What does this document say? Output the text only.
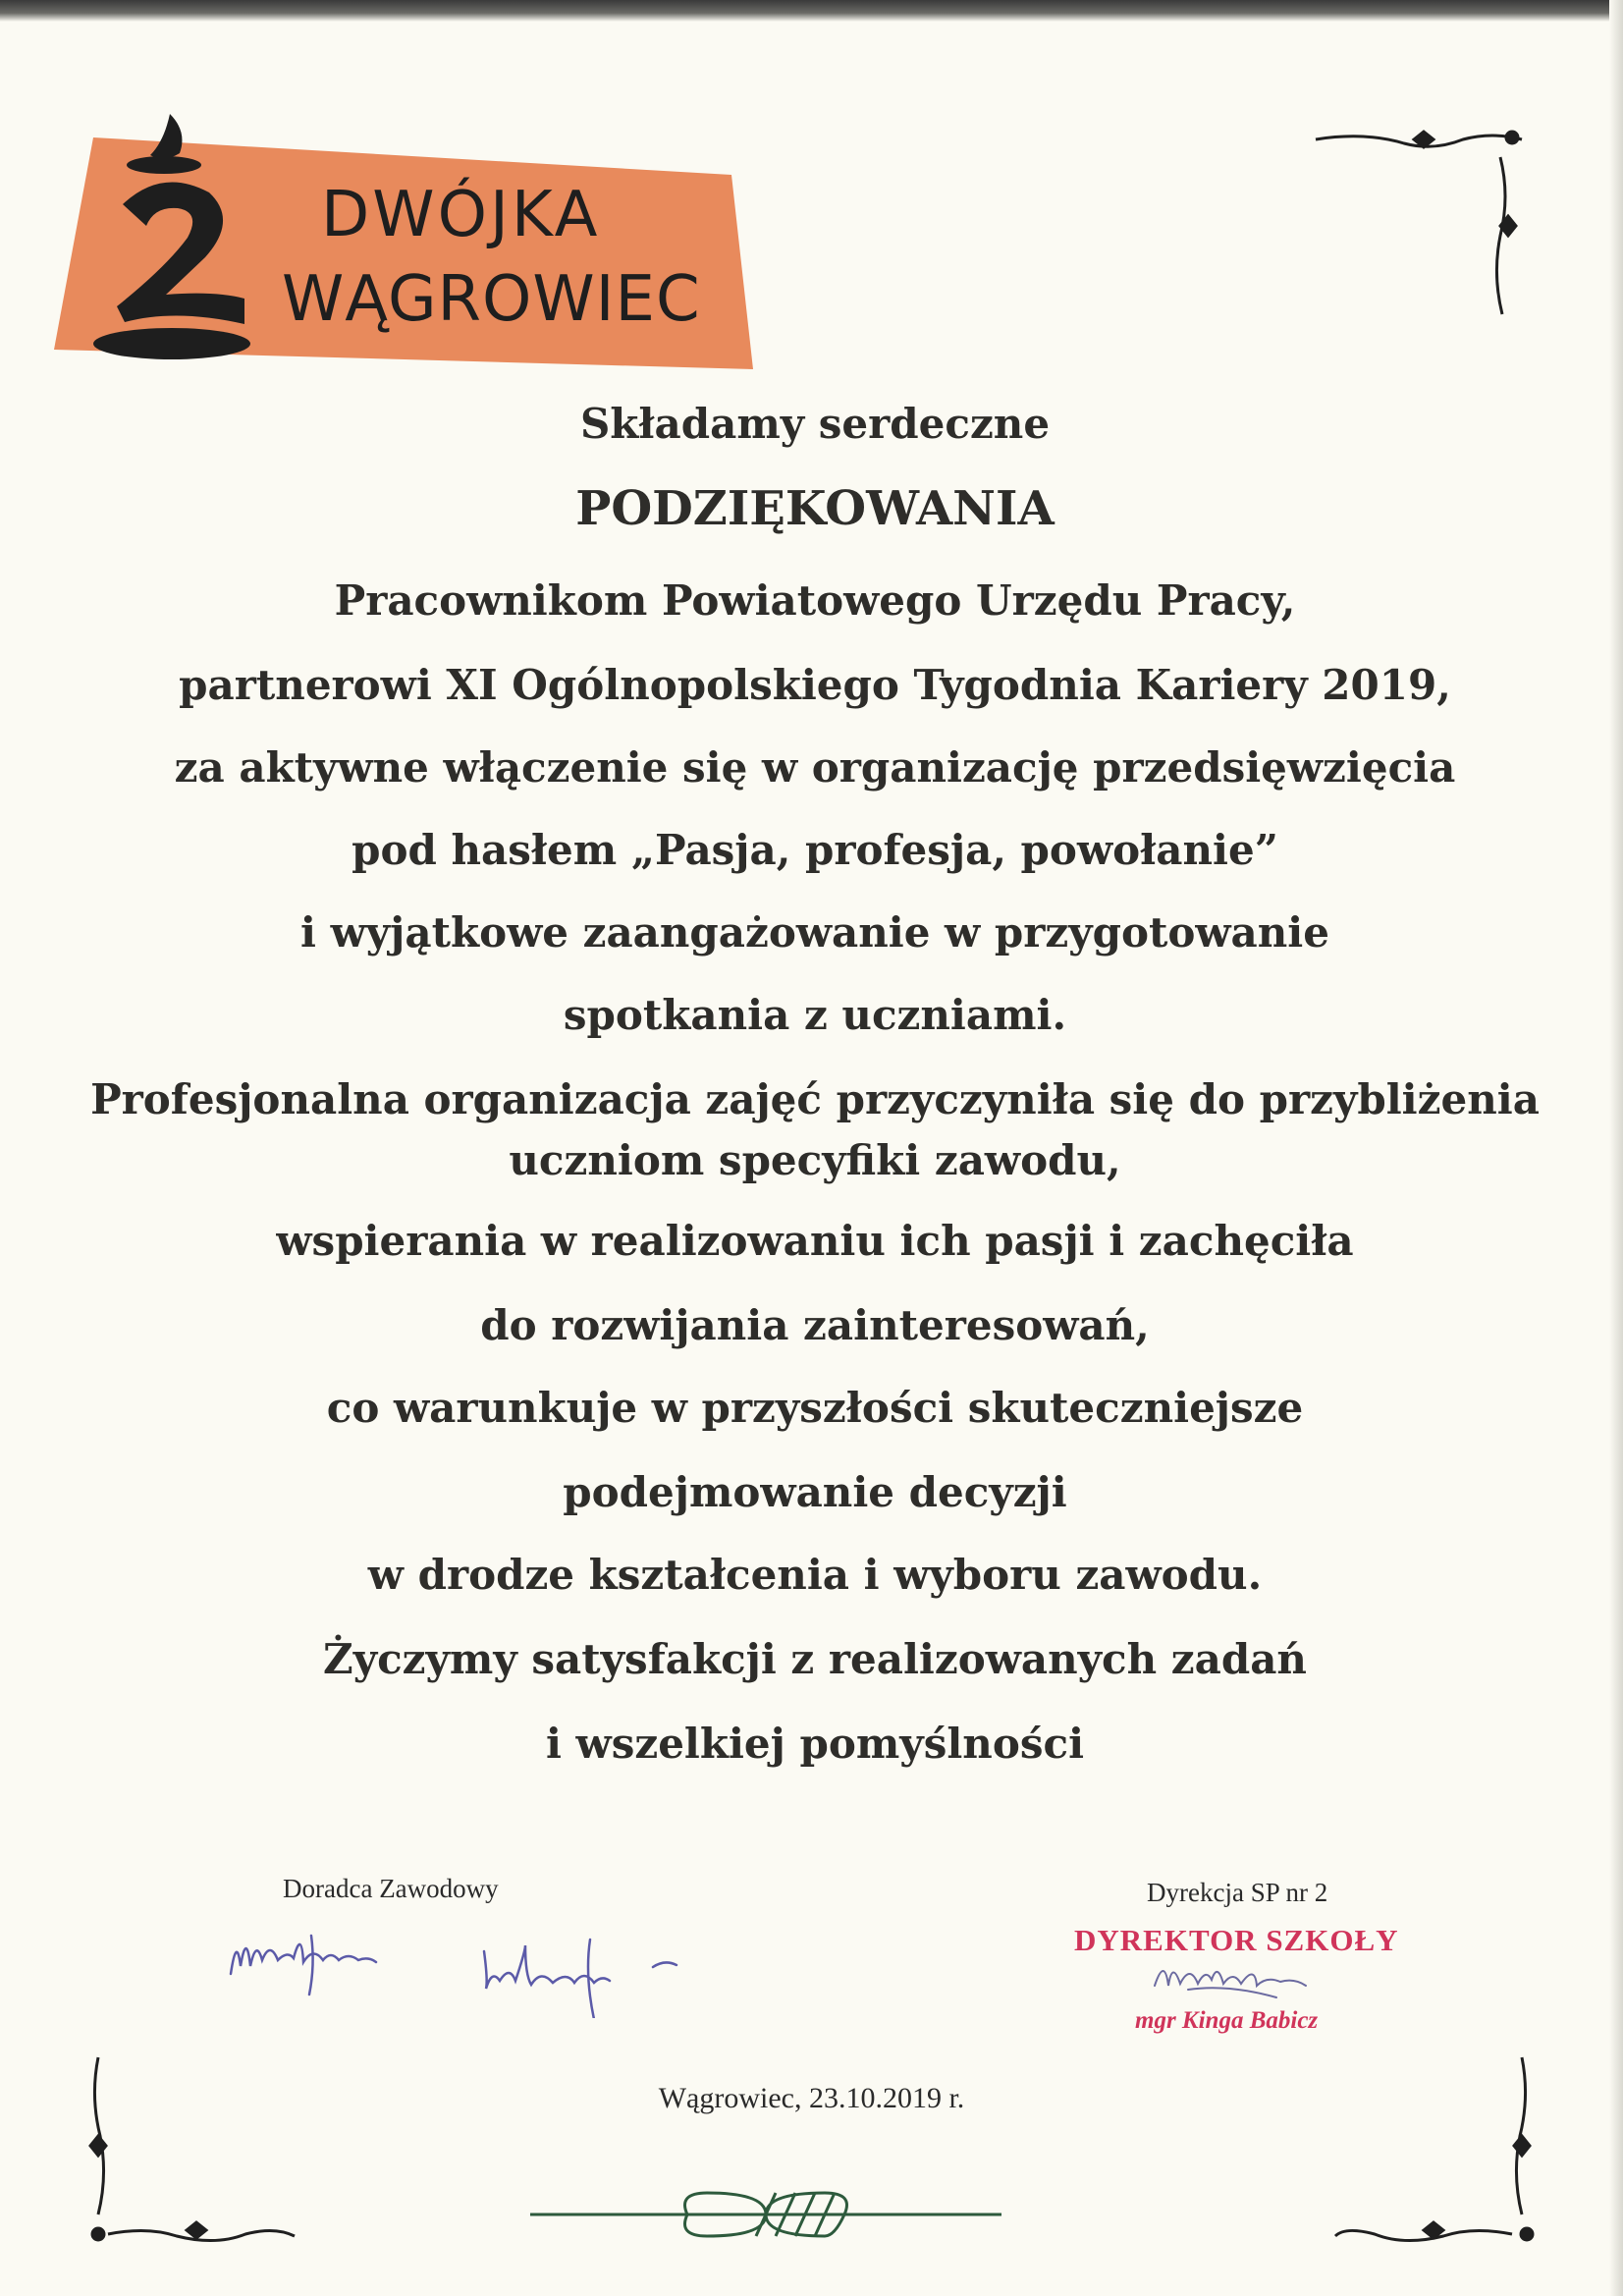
DWÓJKA
WĄGROWIEC
Składamy serdeczne
PODZIĘKOWANIA
Pracownikom Powiatowego Urzędu Pracy,
partnerowi XI Ogólnopolskiego Tygodnia Kariery 2019,
za aktywne włączenie się w organizację przedsięwzięcia
pod hasłem „Pasja, profesja, powołanie”
i wyjątkowe zaangażowanie w przygotowanie
spotkania z uczniami.
Profesjonalna organizacja zajęć przyczyniła się do przybliżenia
uczniom specyfiki zawodu,
wspierania w realizowaniu ich pasji i zachęciła
do rozwijania zainteresowań,
co warunkuje w przyszłości skuteczniejsze
podejmowanie decyzji
w drodze kształcenia i wyboru zawodu.
Życzymy satysfakcji z realizowanych zadań
i wszelkiej pomyślności
Doradca Zawodowy	Dyrekcja SP nr 2
DYREKTOR SZKOŁY
mgr Kinga Babicz
Wągrowiec, 23.10.2019 r.
